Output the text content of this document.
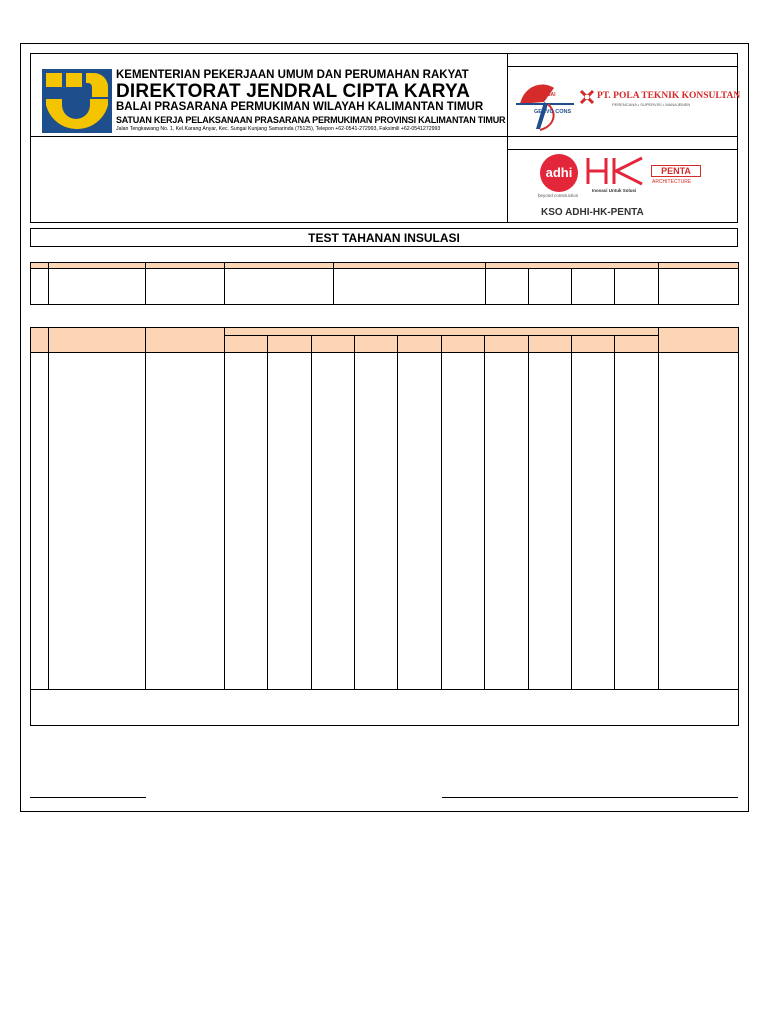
KEMENTERIAN PEKERJAAN UMUM DAN PERUMAHAN RAKYAT
DIREKTORAT JENDRAL CIPTA KARYA
BALAI PRASARANA PERMUKIMAN WILAYAH KALIMANTAN TIMUR
SATUAN KERJA PELAKSANAAN PRASARANA PERMUKIMAN PROVINSI KALIMANTAN TIMUR
Jalan Tengkawang No. 1, Kel.Karang Anyar, Kec. Sungai Kunjang Samarinda (75125), Telepon +62-0541-272993, Faksimili +62-0541272993
SABAI
GERVO CONS
PT. POLA TEKNIK KONSULTAN
PERENCANA • SUPERVISI • MANAJEMEN
adhi
beyond construction
Inovasi Untuk Solusi
PENTA
ARCHITECTURE
KSO ADHI-HK-PENTA
TEST TAHANAN INSULASI
